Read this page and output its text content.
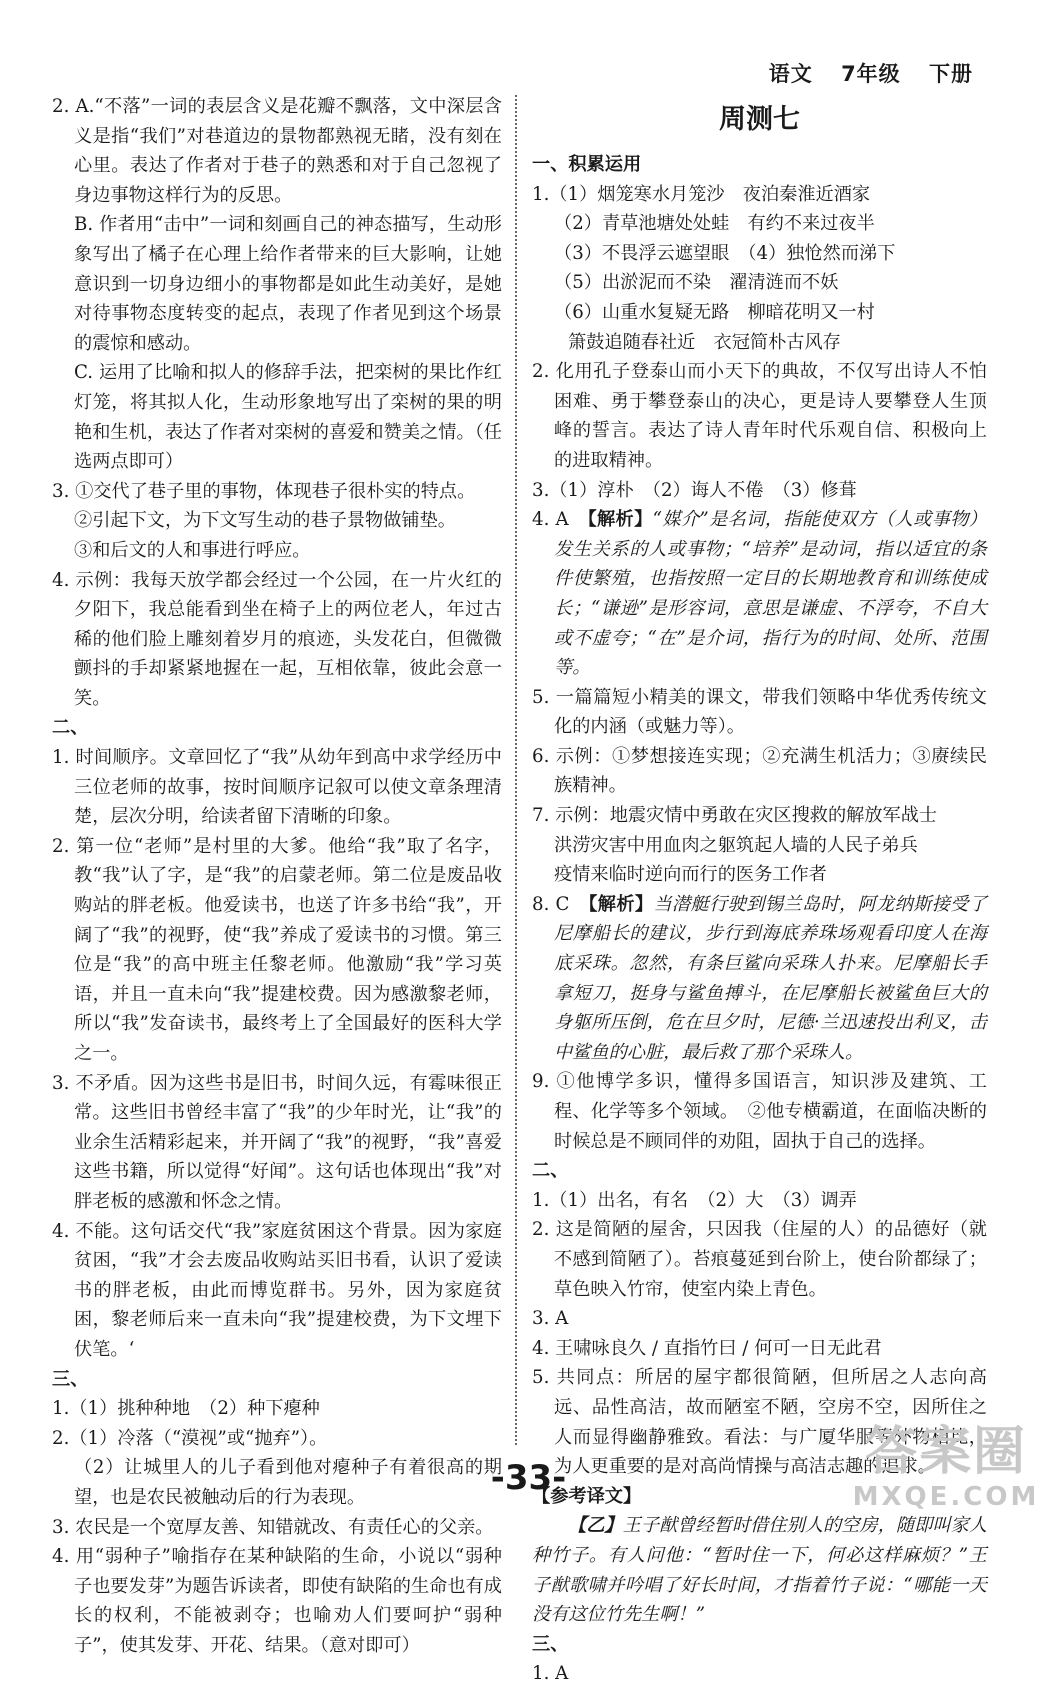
语文 7年级 下册

2. A.“不落”一词的表层含义是花瓣不飘落，文中深层含义是指“我们”对巷道边的景物都熟视无睹，没有刻在心里。表达了作者对于巷子的熟悉和对于自己忽视了身边事物这样行为的反思。

B. 作者用“击中”一词和刻画自己的神态描写，生动形象写出了橘子在心理上给作者带来的巨大影响，让她意识到一切身边细小的事物都是如此生动美好，是她对待事物态度转变的起点，表现了作者见到这个场景的震惊和感动。

C. 运用了比喻和拟人的修辞手法，把栾树的果比作红灯笼，将其拟人化，生动形象地写出了栾树的果的明艳和生机，表达了作者对栾树的喜爱和赞美之情。（任选两点即可）

3. ①交代了巷子里的事物，体现巷子很朴实的特点。

②引起下文，为下文写生动的巷子景物做铺垫。

③和后文的人和事进行呼应。

4. 示例：我每天放学都会经过一个公园，在一片火红的夕阳下，我总能看到坐在椅子上的两位老人，年过古稀的他们脸上雕刻着岁月的痕迹，头发花白，但微微颤抖的手却紧紧地握在一起，互相依靠，彼此会意一笑。

二、

1. 时间顺序。文章回忆了“我”从幼年到高中求学经历中三位老师的故事，按时间顺序记叙可以使文章条理清楚，层次分明，给读者留下清晰的印象。

2. 第一位“老师”是村里的大爹。他给“我”取了名字，教“我”认了字，是“我”的启蒙老师。第二位是废品收购站的胖老板。他爱读书，也送了许多书给“我”，开阔了“我”的视野，使“我”养成了爱读书的习惯。第三位是“我”的高中班主任黎老师。他激励“我”学习英语，并且一直未向“我”提建校费。因为感激黎老师，所以“我”发奋读书，最终考上了全国最好的医科大学之一。

3. 不矛盾。因为这些书是旧书，时间久远，有霉味很正常。这些旧书曾经丰富了“我”的少年时光，让“我”的业余生活精彩起来，并开阔了“我”的视野，“我”喜爱这些书籍，所以觉得“好闻”。这句话也体现出“我”对胖老板的感激和怀念之情。

4. 不能。这句话交代“我”家庭贫困这个背景。因为家庭贫困，“我”才会去废品收购站买旧书看，认识了爱读书的胖老板，由此而博览群书。另外，因为家庭贫困，黎老师后来一直未向“我”提建校费，为下文埋下伏笔。‘

三、

1.（1）挑种种地　（2）种下瘪种

2.（1）冷落（“漠视”或“抛弃”）。

（2）让城里人的儿子看到他对瘪种子有着很高的期望，也是农民被触动后的行为表现。

3. 农民是一个宽厚友善、知错就改、有责任心的父亲。

4. 用“弱种子”喻指存在某种缺陷的生命，小说以“弱种子也要发芽”为题告诉读者，即使有缺陷的生命也有成长的权利，不能被剥夺；也喻劝人们要呵护“弱种子”，使其发芽、开花、结果。（意对即可）

周测七

一、积累运用

1.（1）烟笼寒水月笼沙　夜泊秦淮近酒家

（2）青草池塘处处蛙　有约不来过夜半

（3）不畏浮云遮望眼　（4）独怆然而涕下

（5）出淤泥而不染　濯清涟而不妖

（6）山重水复疑无路　柳暗花明又一村

箫鼓追随春社近　衣冠简朴古风存

2. 化用孔子登泰山而小天下的典故，不仅写出诗人不怕困难、勇于攀登泰山的决心，更是诗人要攀登人生顶峰的誓言。表达了诗人青年时代乐观自信、积极向上的进取精神。

3.（1）淳朴　（2）诲人不倦　（3）修葺

4. A　【解析】“媒介”是名词，指能使双方（人或事物）发生关系的人或事物；“培养”是动词，指以适宜的条件使繁殖，也指按照一定目的长期地教育和训练使成长；“谦逊”是形容词，意思是谦虚、不浮夸，不自大或不虚夸；“在”是介词，指行为的时间、处所、范围等。

5. 一篇篇短小精美的课文，带我们领略中华优秀传统文化的内涵（或魅力等）。

6. 示例：①梦想接连实现；②充满生机活力；③赓续民族精神。

7. 示例：地震灾情中勇敢在灾区搜救的解放军战士

洪涝灾害中用血肉之躯筑起人墙的人民子弟兵

疫情来临时逆向而行的医务工作者

8. C　【解析】当潜艇行驶到锡兰岛时，阿龙纳斯接受了尼摩船长的建议，步行到海底养珠场观看印度人在海底采珠。忽然，有条巨鲨向采珠人扑来。尼摩船长手拿短刀，挺身与鲨鱼搏斗，在尼摩船长被鲨鱼巨大的身躯所压倒，危在旦夕时，尼德·兰迅速投出利叉，击中鲨鱼的心脏，最后救了那个采珠人。

9. ①他博学多识，懂得多国语言，知识涉及建筑、工程、化学等多个领域。　②他专横霸道，在面临决断的时候总是不顾同伴的劝阻，固执于自己的选择。

二、

1.（1）出名，有名　（2）大　（3）调弄

2. 这是简陋的屋舍，只因我（住屋的人）的品德好（就不感到简陋了）。苔痕蔓延到台阶上，使台阶都绿了；草色映入竹帘，使室内染上青色。

3. A

4. 王啸咏良久 / 直指竹曰 / 何可一日无此君

5. 共同点：所居的屋宇都很简陋，但所居之人志向高远、品性高洁，故而陋室不陋，空房不空，因所住之人而显得幽静雅致。看法：与广厦华服等外物相比，为人更重要的是对高尚情操与高洁志趣的追求。

【参考译文】

【乙】王子猷曾经暂时借住别人的空房，随即叫家人种竹子。有人问他：“暂时住一下，何必这样麻烦？”王子猷歌啸并吟唱了好长时间，才指着竹子说：“哪能一天没有这位竹先生啊！”

三、

1. A

-33-	答案圈
MXQE.COM
